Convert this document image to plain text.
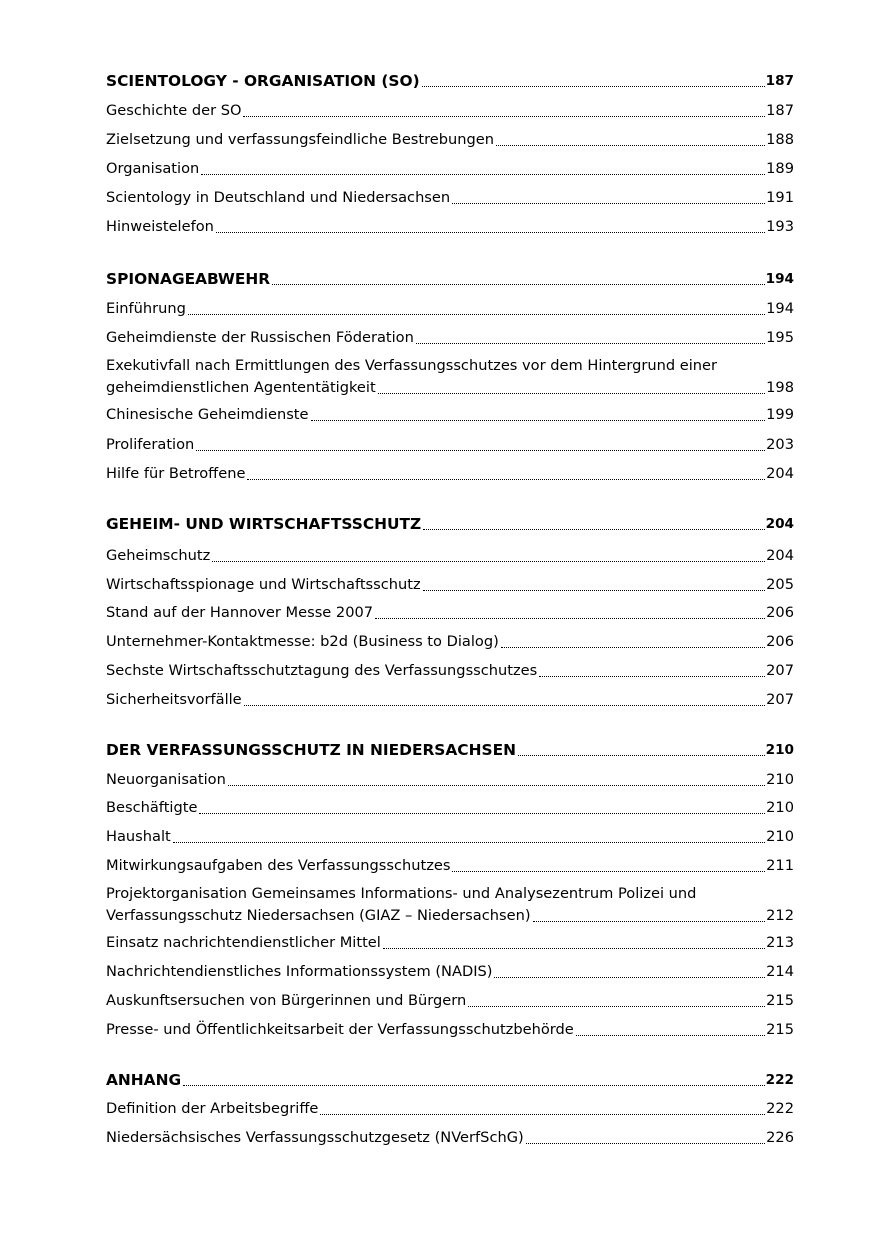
SCIENTOLOGY - ORGANISATION (SO)	187
Geschichte der SO	187
Zielsetzung und verfassungsfeindliche Bestrebungen	188
Organisation	189
Scientology in Deutschland und Niedersachsen	191
Hinweistelefon	193
SPIONAGEABWEHR	194
Einführung	194
Geheimdienste der Russischen Föderation	195
Exekutivfall nach Ermittlungen des Verfassungsschutzes vor dem Hintergrund einer
geheimdienstlichen Agententätigkeit	198
Chinesische Geheimdienste	199
Proliferation	203
Hilfe für Betroffene	204
GEHEIM- UND WIRTSCHAFTSSCHUTZ	204
Geheimschutz	204
Wirtschaftsspionage und Wirtschaftsschutz	205
Stand auf der Hannover Messe 2007	206
Unternehmer-Kontaktmesse: b2d (Business to Dialog)	206
Sechste Wirtschaftsschutztagung des Verfassungsschutzes	207
Sicherheitsvorfälle	207
DER VERFASSUNGSSCHUTZ IN NIEDERSACHSEN	210
Neuorganisation	210
Beschäftigte	210
Haushalt	210
Mitwirkungsaufgaben des Verfassungsschutzes	211
Projektorganisation Gemeinsames Informations- und Analysezentrum Polizei und
Verfassungsschutz Niedersachsen (GIAZ – Niedersachsen)	212
Einsatz nachrichtendienstlicher Mittel	213
Nachrichtendienstliches Informationssystem (NADIS)	214
Auskunftsersuchen von Bürgerinnen und Bürgern	215
Presse- und Öffentlichkeitsarbeit der Verfassungsschutzbehörde	215
ANHANG	222
Definition der Arbeitsbegriffe	222
Niedersächsisches Verfassungsschutzgesetz (NVerfSchG)	226
